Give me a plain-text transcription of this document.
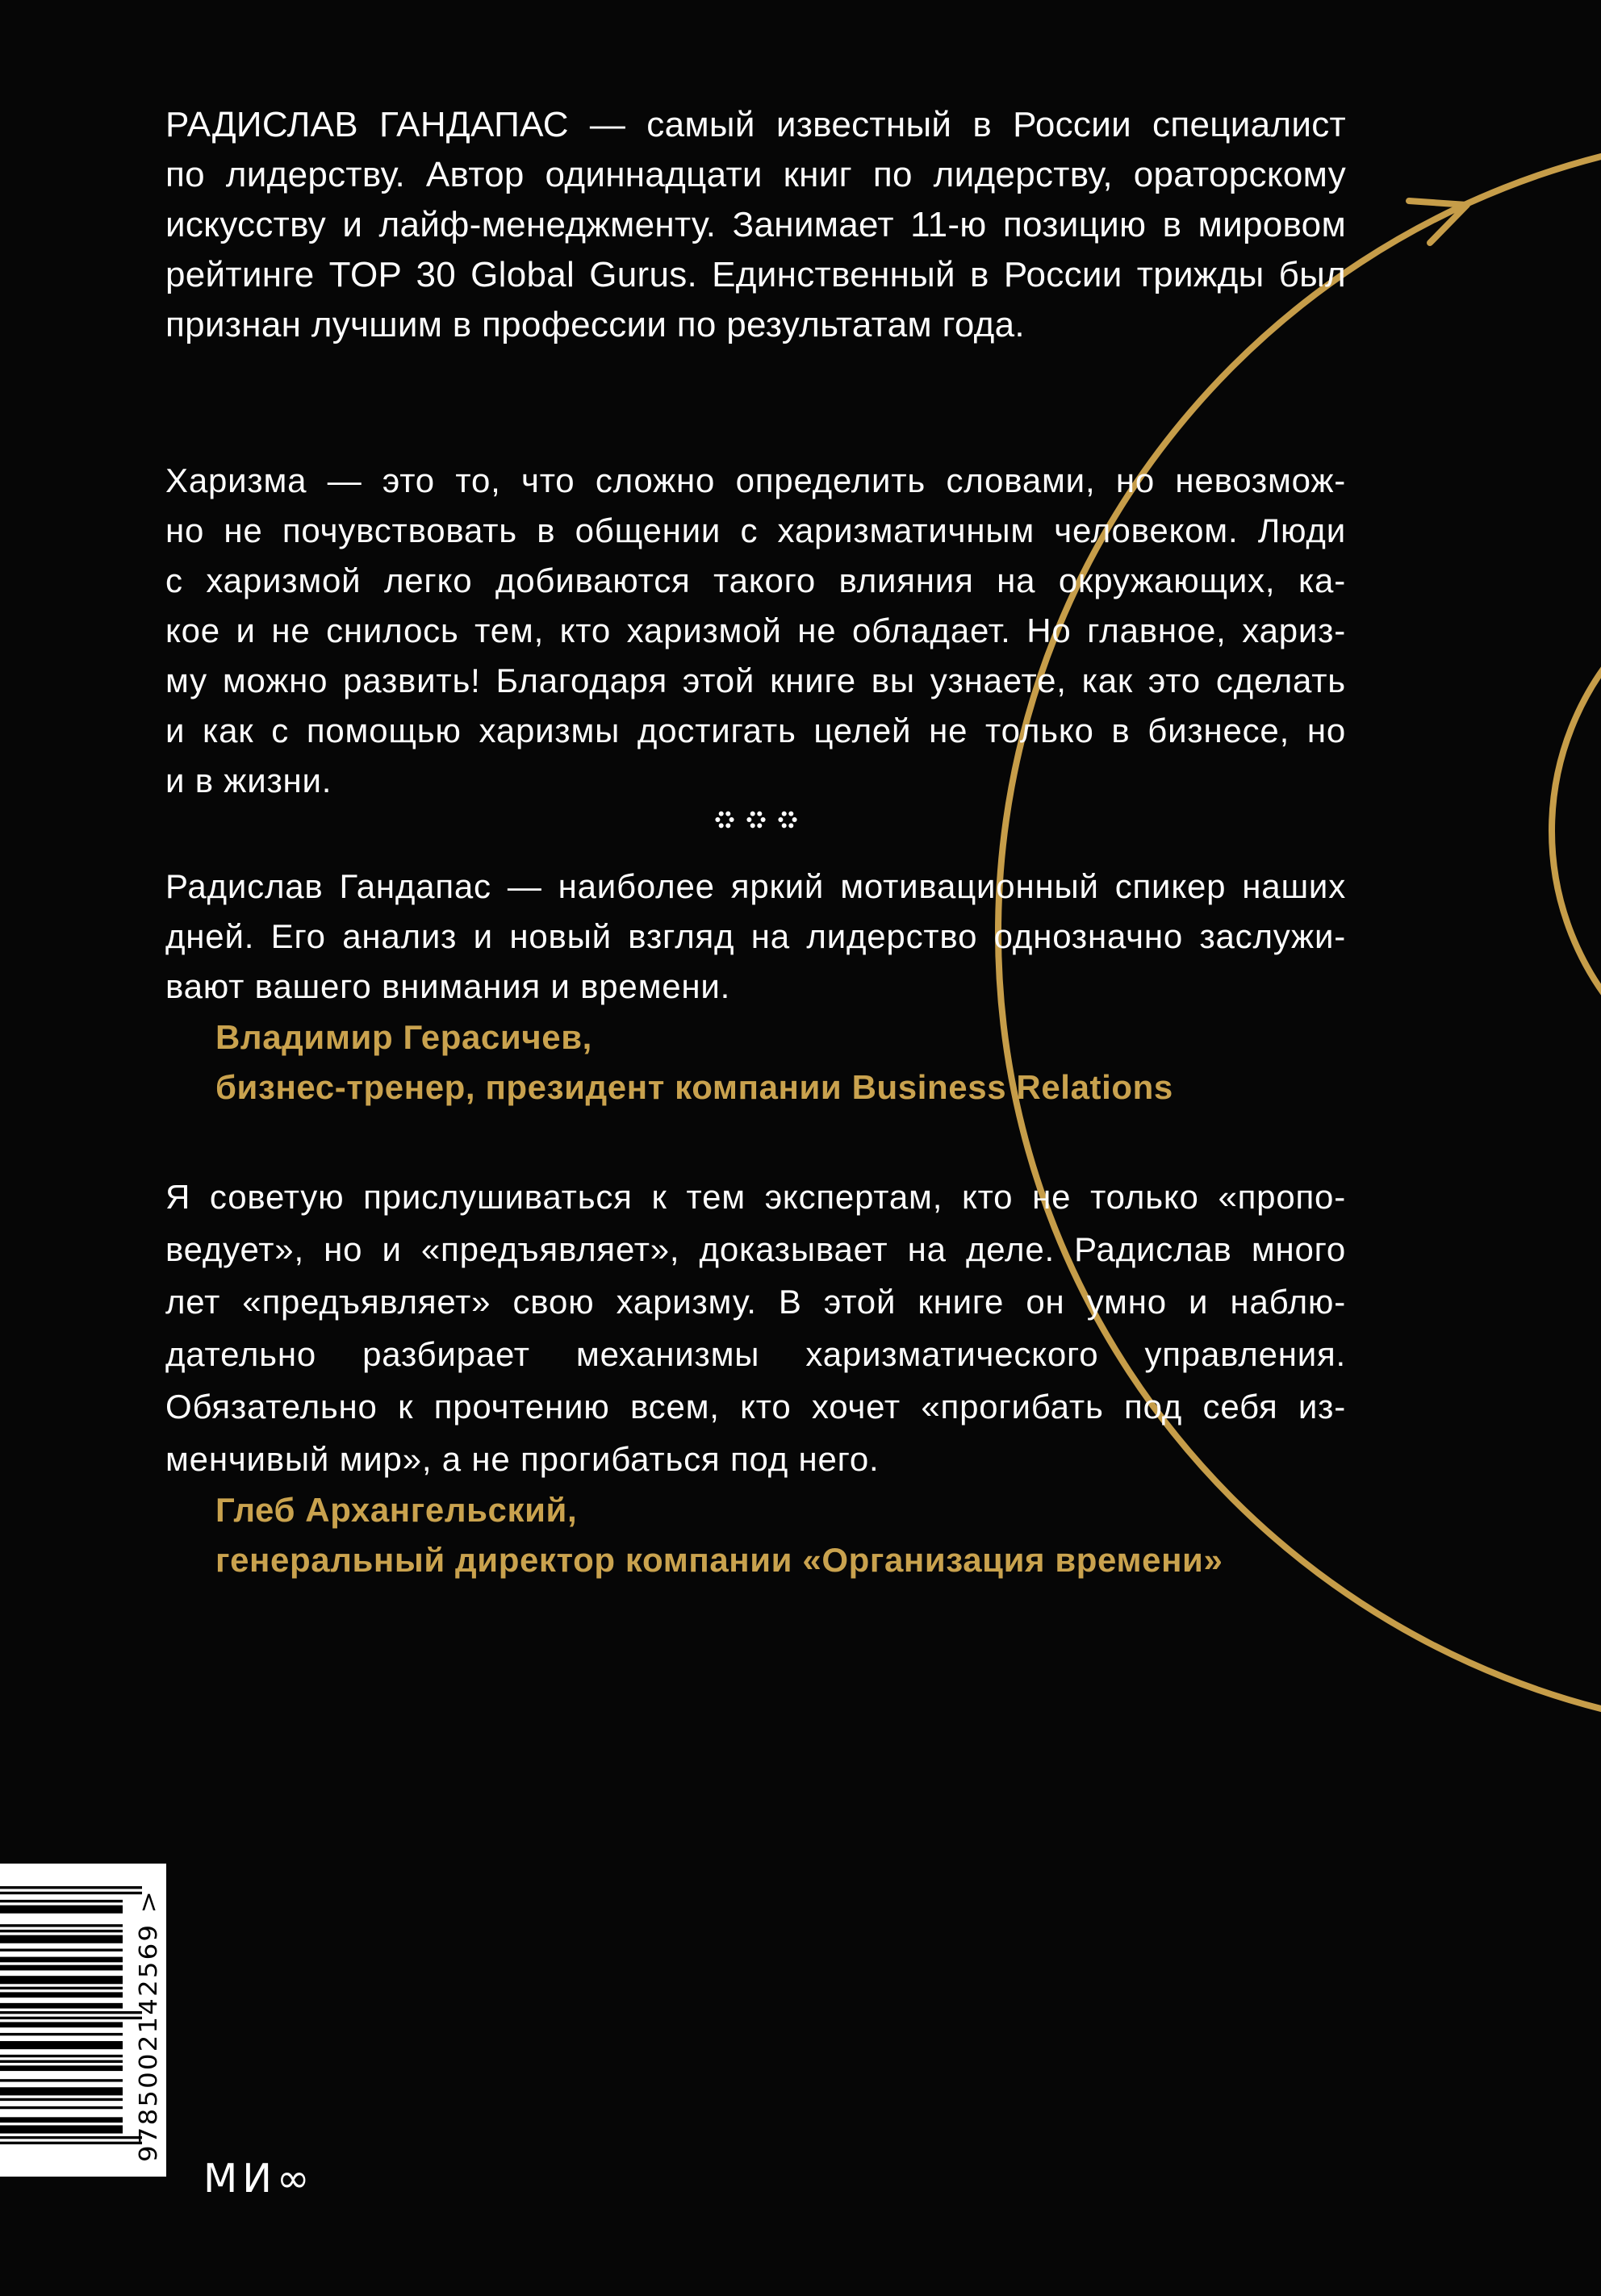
РАДИСЛАВ ГАНДАПАС — самый известный в России специалист
по лидерству. Автор одиннадцати книг по лидерству, ораторскому
искусству и лайф-менеджменту. Занимает 11-ю позицию в мировом
рейтинге TOP 30 Global Gurus. Единственный в России трижды был
признан лучшим в профессии по результатам года.
Харизма — это то, что сложно определить словами, но невозмож-
но не почувствовать в общении с харизматичным человеком. Люди
с харизмой легко добиваются такого влияния на окружающих, ка-
кое и не снилось тем, кто харизмой не обладает. Но главное, хариз-
му можно развить! Благодаря этой книге вы узнаете, как это сделать
и как с помощью харизмы достигать целей не только в бизнесе, но
и в жизни.
Радислав Гандапас — наиболее яркий мотивационный спикер наших
дней. Его анализ и новый взгляд на лидерство однозначно заслужи-
вают вашего внимания и времени.
Владимир Герасичев,
бизнес-тренер, президент компании Business Relations
Я советую прислушиваться к тем экспертам, кто не только «пропо-
ведует», но и «предъявляет», доказывает на деле. Радислав много
лет «предъявляет» свою харизму. В этой книге он умно и наблю-
дательно разбирает механизмы харизматического управления.
Обязательно к прочтению всем, кто хочет «прогибать под себя из-
менчивый мир», а не прогибаться под него.
Глеб Архангельский,
генеральный директор компании «Организация времени»
9785002142569 >
МИ∞
